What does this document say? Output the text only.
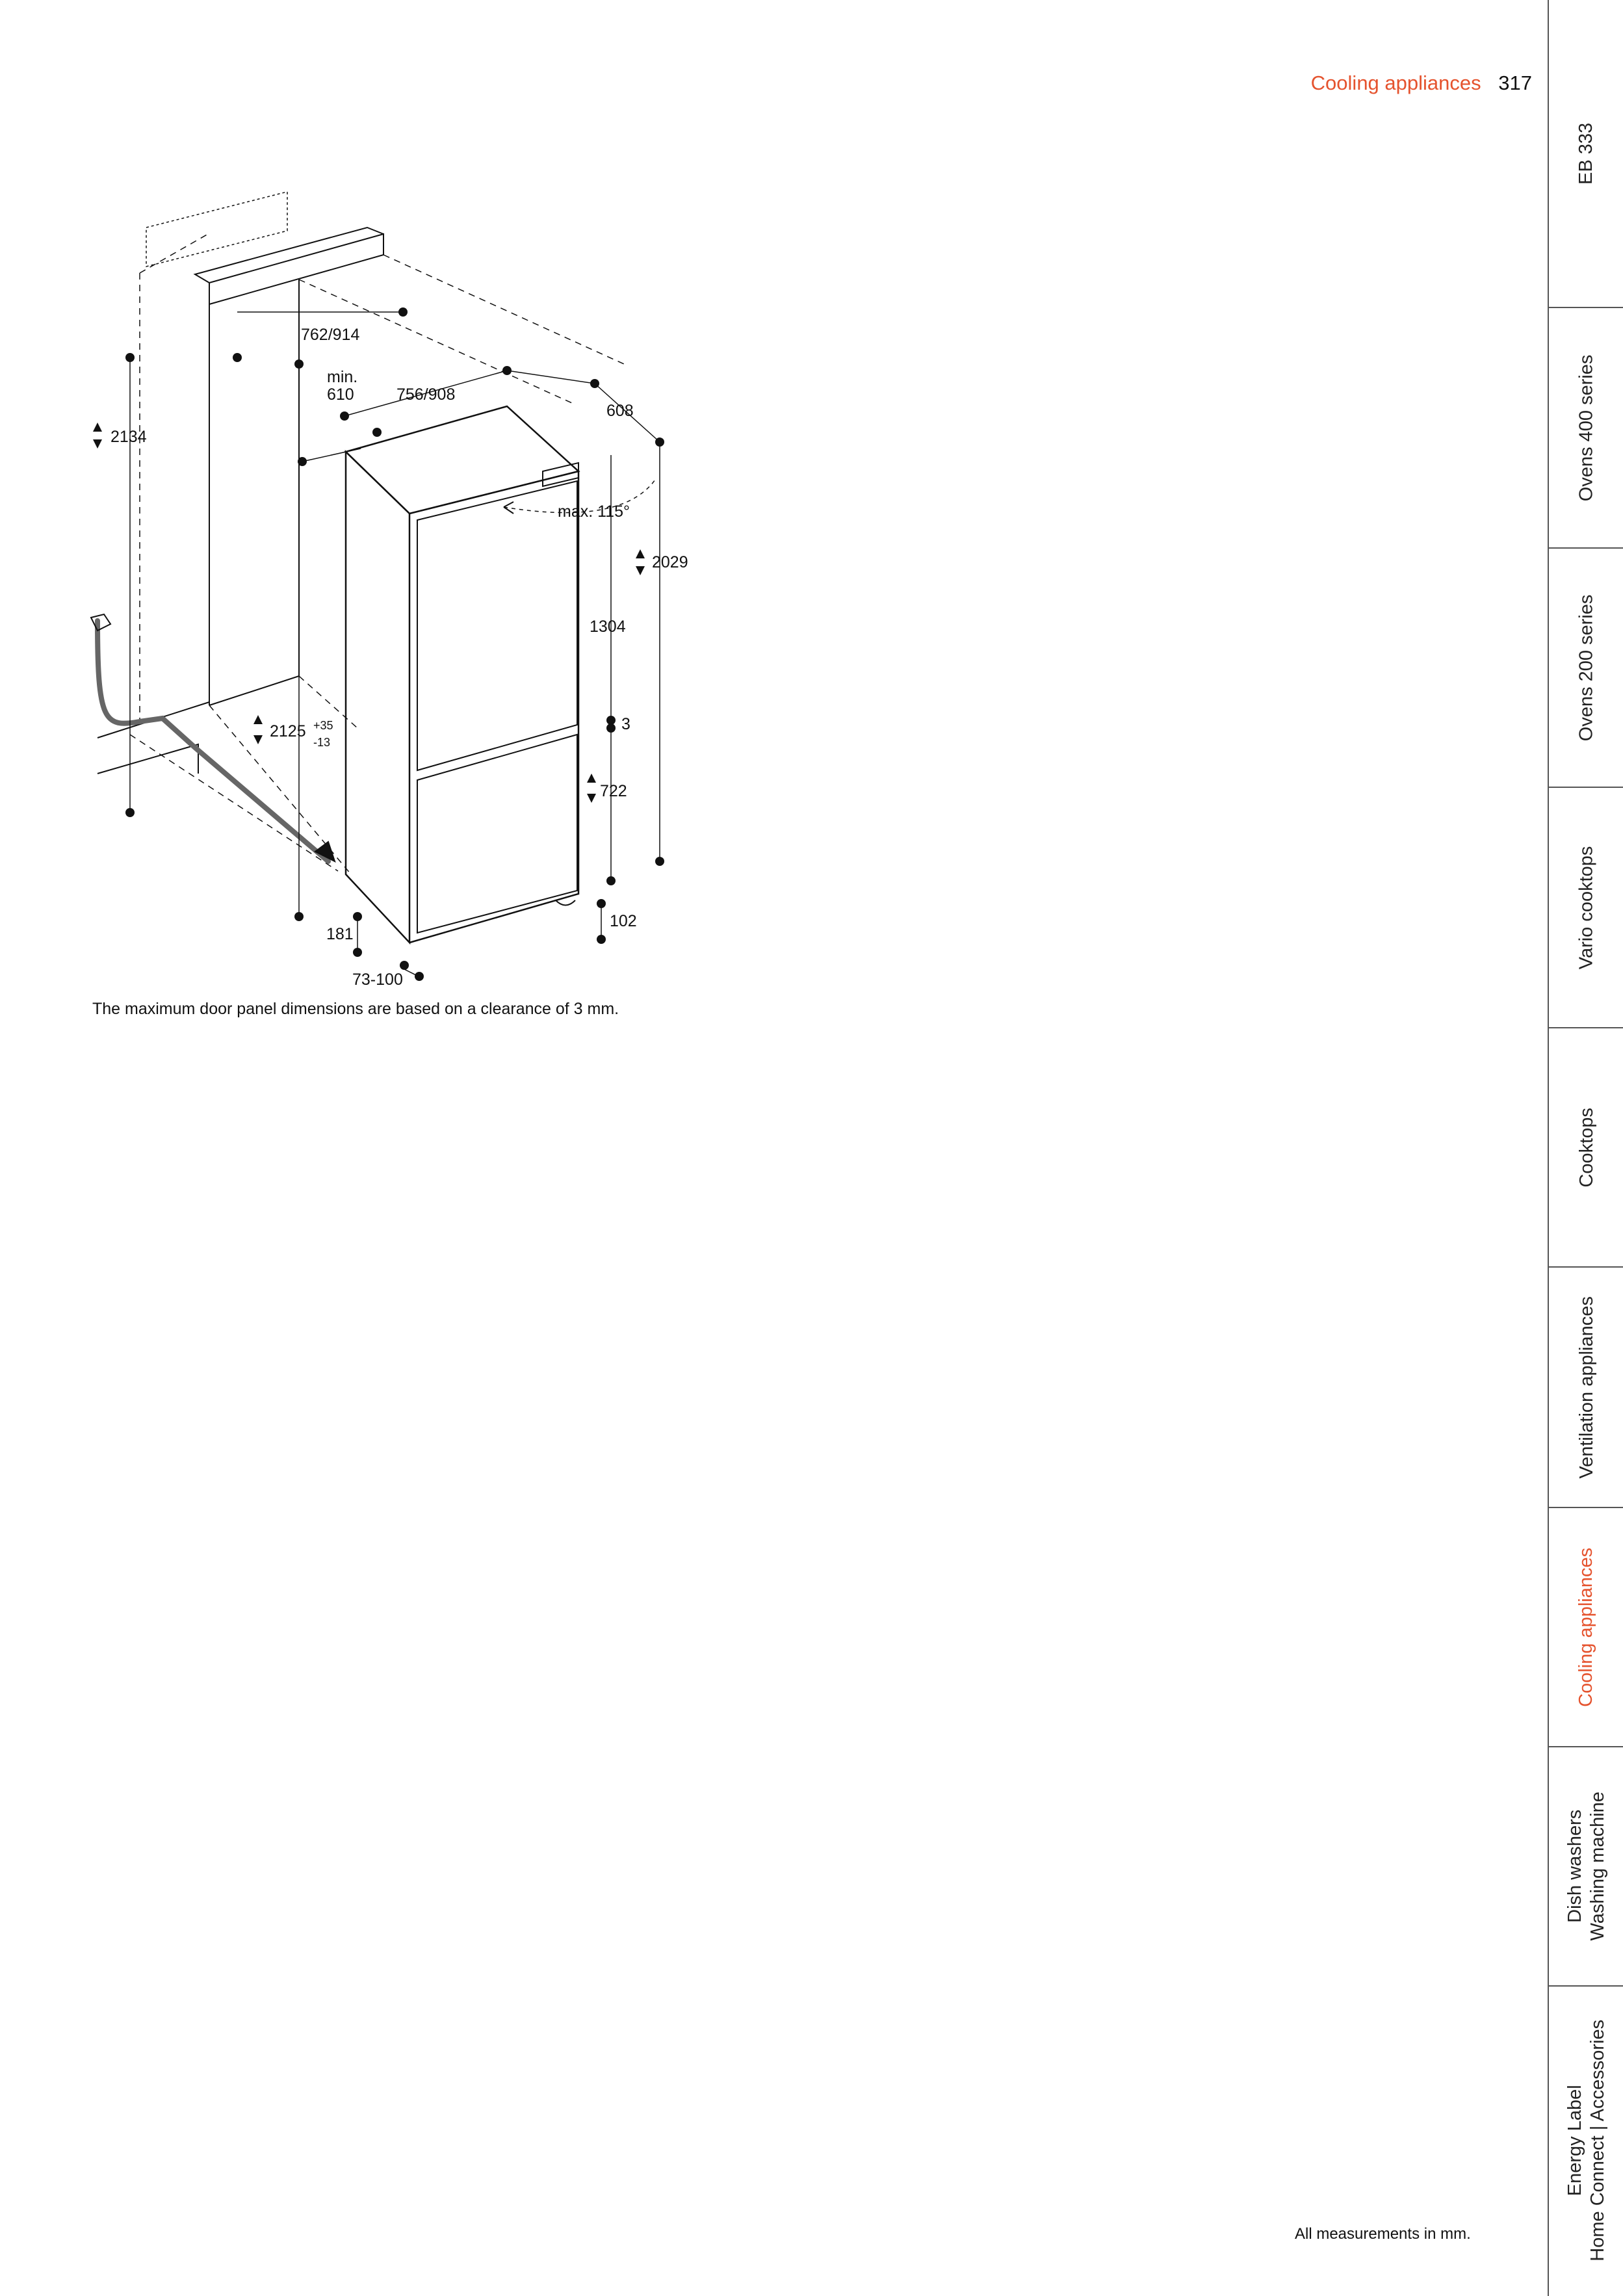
Cooling appliances 317
EB 333
Ovens 400 series
Ovens 200 series
Vario cooktops
Cooktops
Ventilation appliances
Cooling appliances
Dish washers Washing machine
Energy Label Home Connect | Accessories
762/914
min.
610	756/908
608
2134
max. 115°
2029
1304
3
2125 +35
-13
722
181
102
73-100
The maximum door panel dimensions are based on a clearance of 3 mm.
All measurements in mm.
